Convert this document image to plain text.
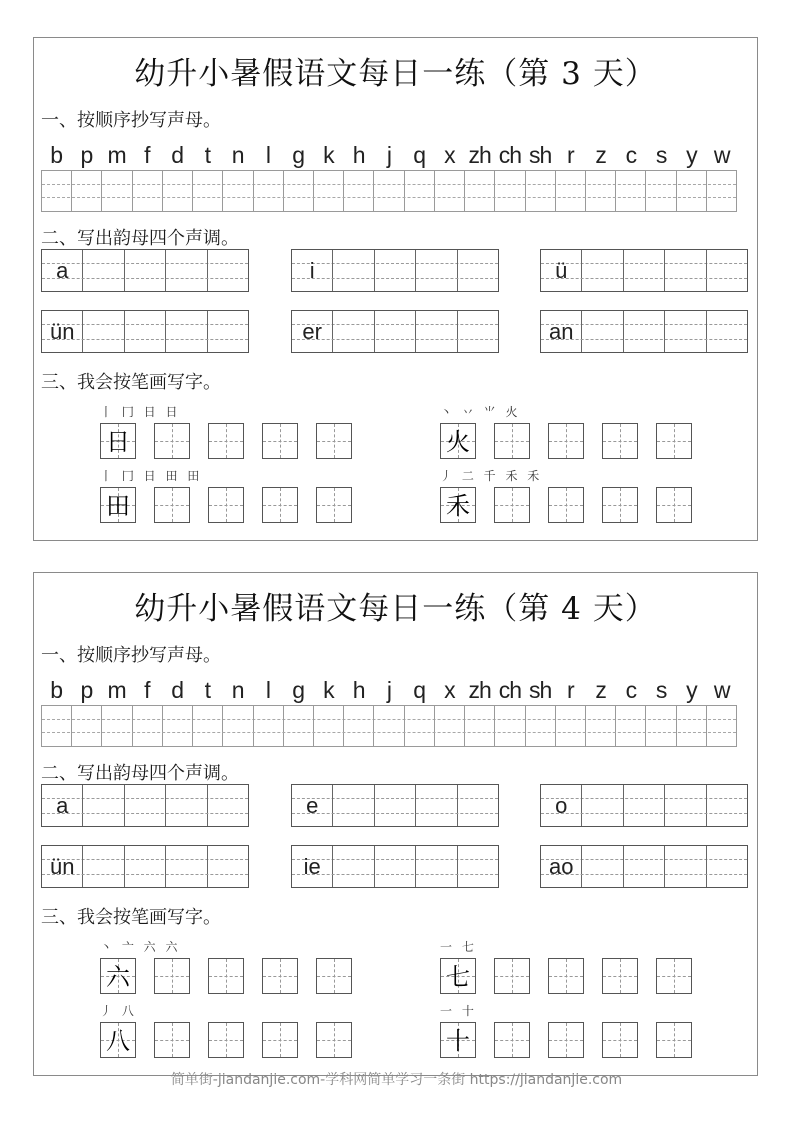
幼升小暑假语文每日一练（第 3 天）
一、按顺序抄写声母。
b p m f d t n l g k h j q x zh ch sh r z c s y w
二、写出韵母四个声调。
a	i	ü
ün	er	an
三、我会按笔画写字。
丨 冂 日 日
日
丶 丷 ⺌ 火
火
丨 冂 日 田 田
田
丿 二 千 禾 禾
禾
幼升小暑假语文每日一练（第 4 天）
一、按顺序抄写声母。
b p m f d t n l g k h j q x zh ch sh r z c s y w
二、写出韵母四个声调。
a	e	o
ün	ie	ao
三、我会按笔画写字。
丶 亠 六 六
六
一 七
七
丿 八
八
一 十
十
简单街-jiandanjie.com-学科网简单学习一条街 https://jiandanjie.com
